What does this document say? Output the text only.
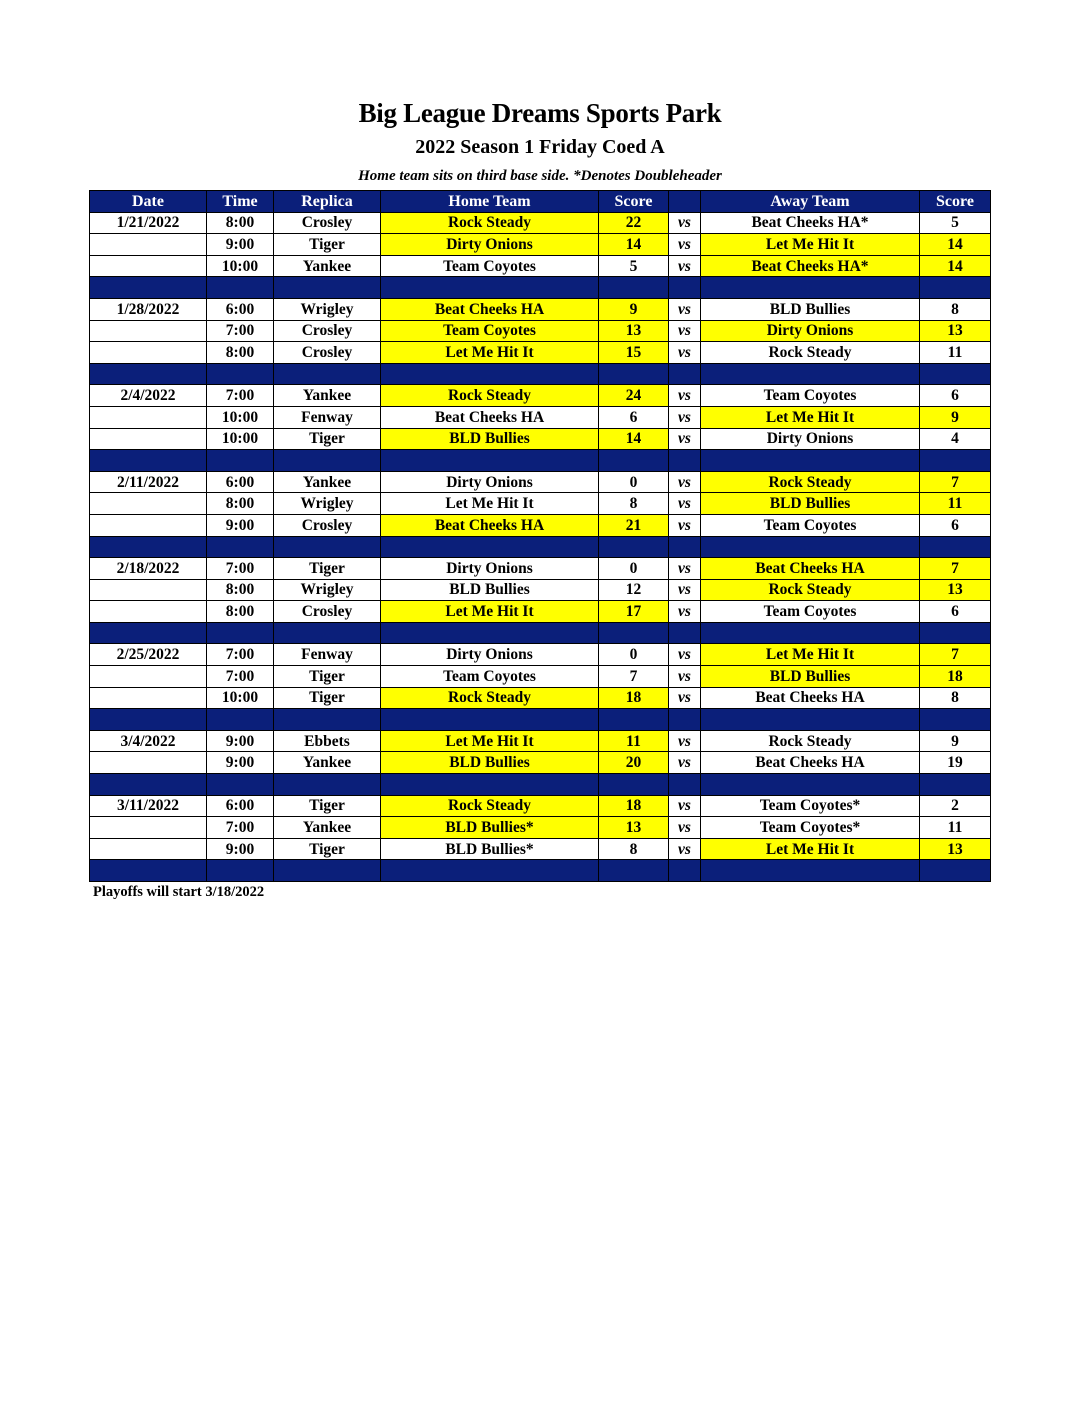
Big League Dreams Sports Park
2022 Season 1 Friday Coed A
Home team sits on third base side. *Denotes Doubleheader
Date	Time	Replica	Home Team	Score		Away Team	Score
1/21/2022	8:00	Crosley	Rock Steady	22	vs	Beat Cheeks HA*	5
	9:00	Tiger	Dirty Onions	14	vs	Let Me Hit It	14
	10:00	Yankee	Team Coyotes	5	vs	Beat Cheeks HA*	14

1/28/2022	6:00	Wrigley	Beat Cheeks HA	9	vs	BLD Bullies	8
	7:00	Crosley	Team Coyotes	13	vs	Dirty Onions	13
	8:00	Crosley	Let Me Hit It	15	vs	Rock Steady	11

2/4/2022	7:00	Yankee	Rock Steady	24	vs	Team Coyotes	6
	10:00	Fenway	Beat Cheeks HA	6	vs	Let Me Hit It	9
	10:00	Tiger	BLD Bullies	14	vs	Dirty Onions	4

2/11/2022	6:00	Yankee	Dirty Onions	0	vs	Rock Steady	7
	8:00	Wrigley	Let Me Hit It	8	vs	BLD Bullies	11
	9:00	Crosley	Beat Cheeks HA	21	vs	Team Coyotes	6

2/18/2022	7:00	Tiger	Dirty Onions	0	vs	Beat Cheeks HA	7
	8:00	Wrigley	BLD Bullies	12	vs	Rock Steady	13
	8:00	Crosley	Let Me Hit It	17	vs	Team Coyotes	6

2/25/2022	7:00	Fenway	Dirty Onions	0	vs	Let Me Hit It	7
	7:00	Tiger	Team Coyotes	7	vs	BLD Bullies	18
	10:00	Tiger	Rock Steady	18	vs	Beat Cheeks HA	8

3/4/2022	9:00	Ebbets	Let Me Hit It	11	vs	Rock Steady	9
	9:00	Yankee	BLD Bullies	20	vs	Beat Cheeks HA	19

3/11/2022	6:00	Tiger	Rock Steady	18	vs	Team Coyotes*	2
	7:00	Yankee	BLD Bullies*	13	vs	Team Coyotes*	11
	9:00	Tiger	BLD Bullies*	8	vs	Let Me Hit It	13

Playoffs will start 3/18/2022
